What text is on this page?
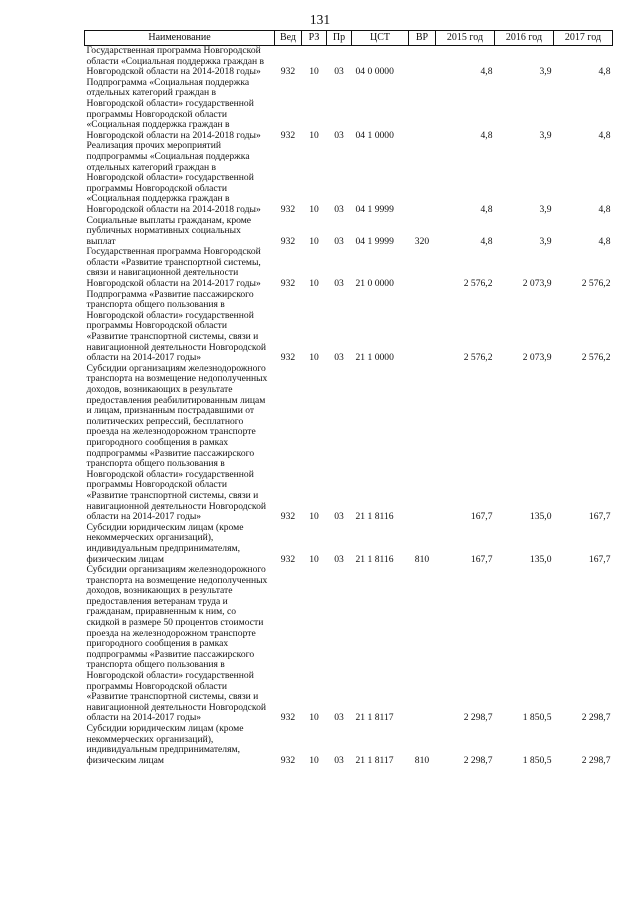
131
Наименование	Вед	РЗ	Пр	ЦСТ	ВР	2015 год	2016 год	2017 год
Государственная программа Новгородской области «Социальная поддержка граждан в Новгородской области на 2014-2018 годы»	932	10	03	04 0 0000		4,8	3,9	4,8
Подпрограмма «Социальная поддержка отдельных категорий граждан в Новгородской области» государственной программы Новгородской области «Социальная поддержка граждан в Новгородской области на 2014-2018 годы»	932	10	03	04 1 0000		4,8	3,9	4,8
Реализация прочих мероприятий подпрограммы «Социальная поддержка отдельных категорий граждан в Новгородской области» государственной программы Новгородской области «Социальная поддержка граждан в Новгородской области на 2014-2018 годы»	932	10	03	04 1 9999		4,8	3,9	4,8
Социальные выплаты гражданам, кроме публичных нормативных социальных выплат	932	10	03	04 1 9999	320	4,8	3,9	4,8
Государственная программа Новгородской области «Развитие транспортной системы, связи и навигационной деятельности Новгородской области на 2014-2017 годы»	932	10	03	21 0 0000		2 576,2	2 073,9	2 576,2
Подпрограмма «Развитие пассажирского транспорта общего пользования в Новгородской области» государственной программы Новгородской области «Развитие транспортной системы, связи и навигационной деятельности Новгородской области на 2014-2017 годы»	932	10	03	21 1 0000		2 576,2	2 073,9	2 576,2
Субсидии организациям железнодорожного транспорта на возмещение недополученных доходов, возникающих в результате предоставления реабилитированным лицам и лицам, признанным пострадавшими от политических репрессий, бесплатного проезда на железнодорожном транспорте пригородного сообщения в рамках подпрограммы «Развитие пассажирского транспорта общего пользования в Новгородской области» государственной программы Новгородской области «Развитие транспортной системы, связи и навигационной деятельности Новгородской области на 2014-2017 годы»	932	10	03	21 1 8116		167,7	135,0	167,7
Субсидии юридическим лицам (кроме некоммерческих организаций), индивидуальным предпринимателям, физическим лицам	932	10	03	21 1 8116	810	167,7	135,0	167,7
Субсидии организациям железнодорожного транспорта на возмещение недополученных доходов, возникающих в результате предоставления ветеранам труда и гражданам, приравненным к ним, со скидкой в размере 50 процентов стоимости проезда на железнодорожном транспорте пригородного сообщения в рамках подпрограммы «Развитие пассажирского транспорта общего пользования в Новгородской области» государственной программы Новгородской области «Развитие транспортной системы, связи и навигационной деятельности Новгородской области на 2014-2017 годы»	932	10	03	21 1 8117		2 298,7	1 850,5	2 298,7
Субсидии юридическим лицам (кроме некоммерческих организаций), индивидуальным предпринимателям, физическим лицам	932	10	03	21 1 8117	810	2 298,7	1 850,5	2 298,7
